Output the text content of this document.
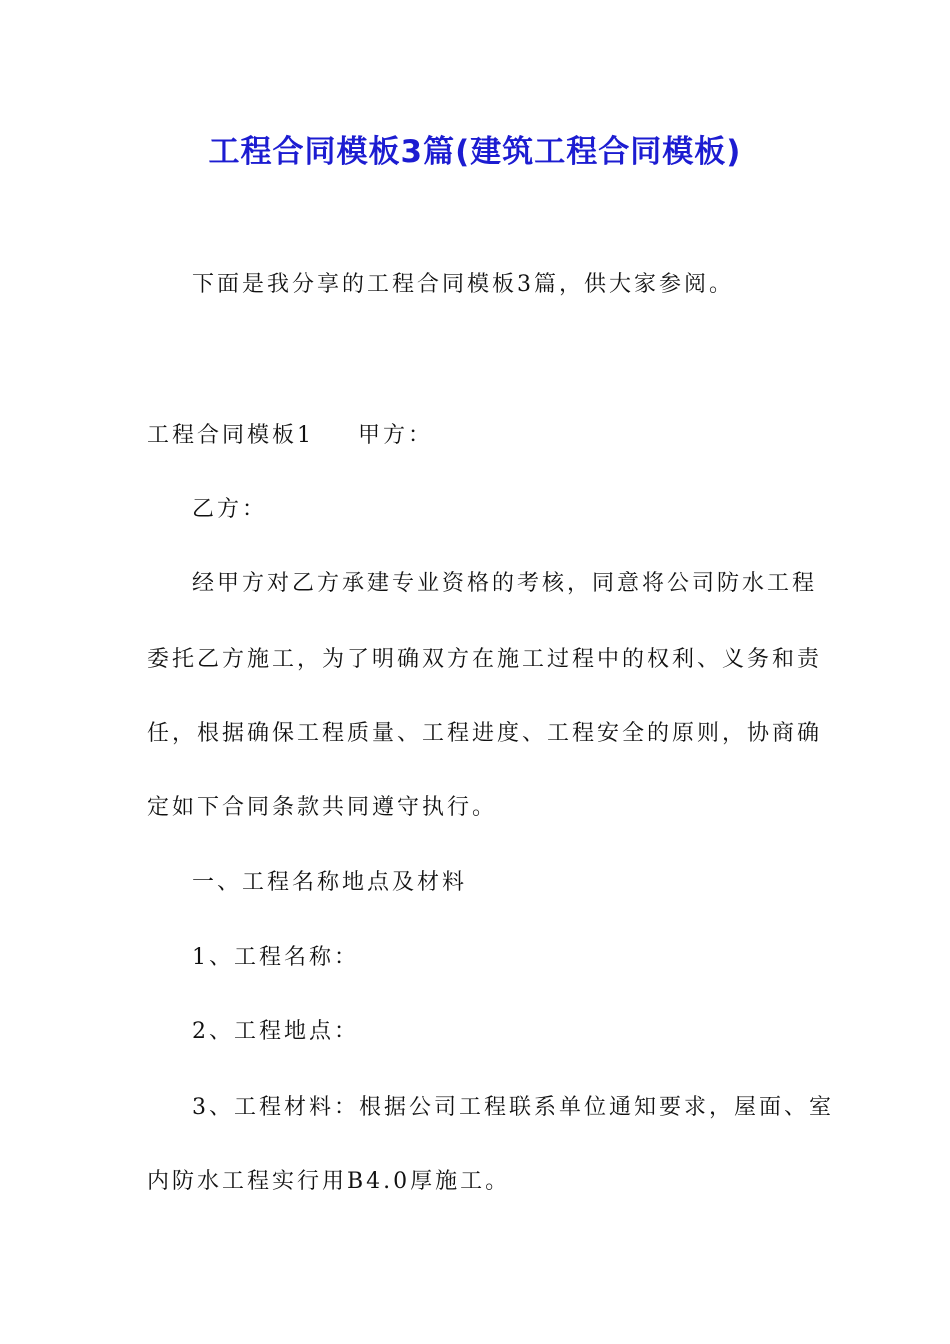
工程合同模板3篇(建筑工程合同模板)
下面是我分享的工程合同模板3篇，供大家参阅。
工程合同模板1 甲方：
乙方：
经甲方对乙方承建专业资格的考核，同意将公司防水工程
委托乙方施工，为了明确双方在施工过程中的权利、义务和责
任，根据确保工程质量、工程进度、工程安全的原则，协商确
定如下合同条款共同遵守执行。
一、工程名称地点及材料
1、工程名称：
2、工程地点：
3、工程材料：根据公司工程联系单位通知要求，屋面、室
内防水工程实行用B4.0厚施工。
